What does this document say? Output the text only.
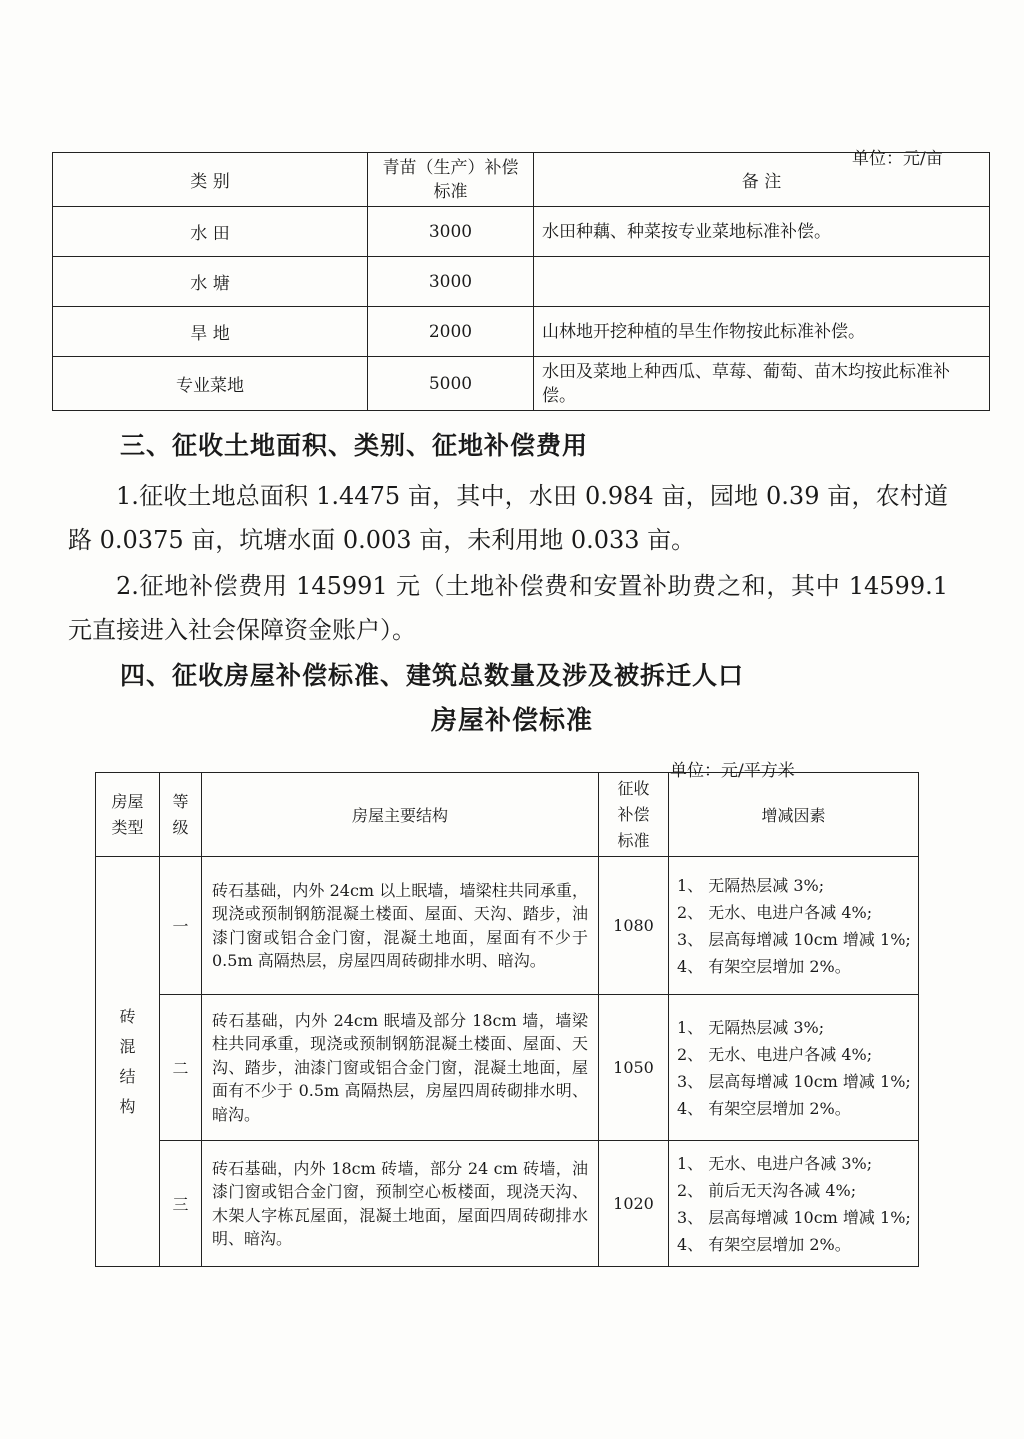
单位：元/亩
类 别	青苗（生产）补偿标准	备 注
水 田	3000	水田种藕、种菜按专业菜地标准补偿。
水 塘	3000	
旱 地	2000	山林地开挖种植的旱生作物按此标准补偿。
专业菜地	5000	水田及菜地上种西瓜、草莓、葡萄、苗木均按此标准补偿。
三、征收土地面积、类别、征地补偿费用
1.征收土地总面积 1.4475 亩，其中，水田 0.984 亩，园地 0.39 亩，农村道路 0.0375 亩，坑塘水面 0.003 亩，未利用地 0.033 亩。
2.征地补偿费用 145991 元（土地补偿费和安置补助费之和，其中 14599.1 元直接进入社会保障资金账户）。
四、征收房屋补偿标准、建筑总数量及涉及被拆迁人口
房屋补偿标准
单位：元/平方米
房屋类型	等级	房屋主要结构	征收补偿标准	增减因素
砖混结构	一	砖石基础，内外 24cm 以上眠墙，墙梁柱共同承重，现浇或预制钢筋混凝土楼面、屋面、天沟、踏步，油漆门窗或铝合金门窗，混凝土地面，屋面有不少于 0.5m 高隔热层，房屋四周砖砌排水明、暗沟。	1080	1、 无隔热层减 3%;
2、 无水、电进户各减 4%;
3、 层高每增减 10cm 增减 1%;
4、 有架空层增加 2%。

	二	砖石基础，内外 24cm 眠墙及部分 18cm 墙，墙梁柱共同承重，现浇或预制钢筋混凝土楼面、屋面、天沟、踏步，油漆门窗或铝合金门窗，混凝土地面，屋面有不少于 0.5m 高隔热层，房屋四周砖砌排水明、暗沟。	1050	1、 无隔热层减 3%;
2、 无水、电进户各减 4%;
3、 层高每增减 10cm 增减 1%;
4、 有架空层增加 2%。

	三	砖石基础，内外 18cm 砖墙，部分 24 cm 砖墙，油漆门窗或铝合金门窗，预制空心板楼面，现浇天沟、木架人字栋瓦屋面，混凝土地面，屋面四周砖砌排水明、暗沟。	1020	1、 无水、电进户各减 3%;
2、 前后无天沟各减 4%;
3、 层高每增减 10cm 增减 1%;
4、 有架空层增加 2%。
